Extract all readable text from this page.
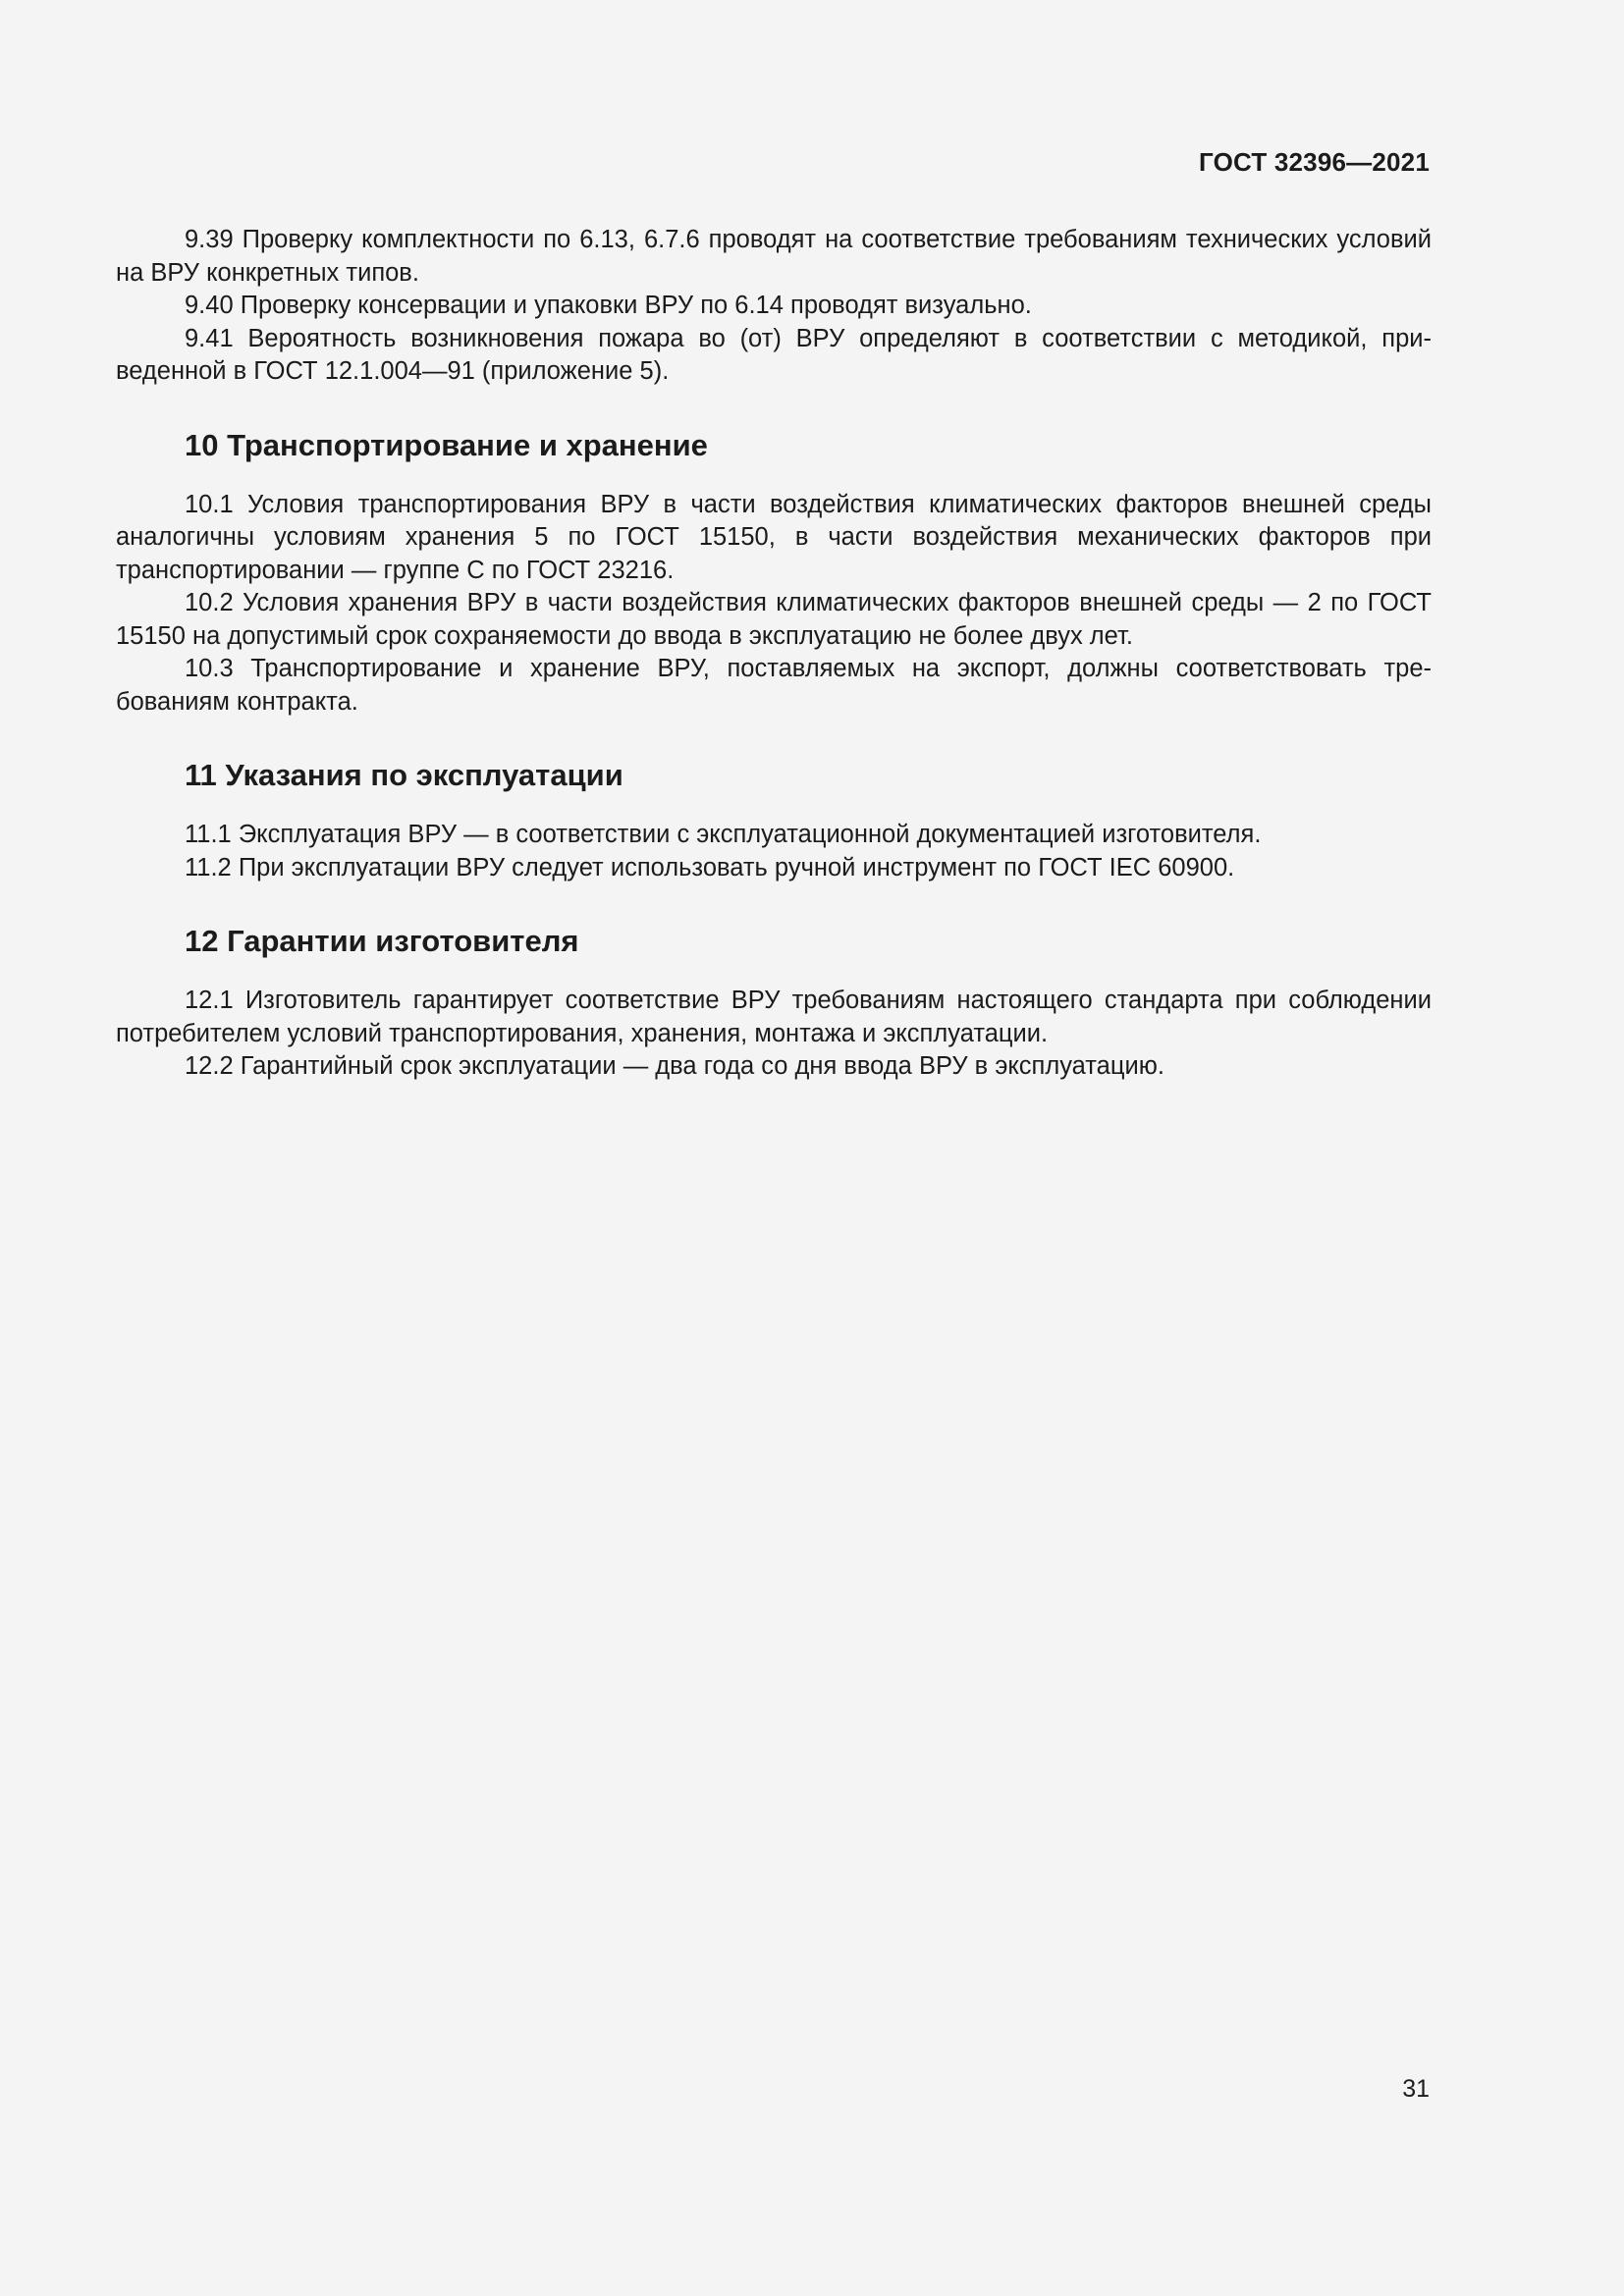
ГОСТ 32396—2021

9.39 Проверку комплектности по 6.13, 6.7.6 проводят на соответствие требованиям технических условий на ВРУ конкретных типов.

9.40 Проверку консервации и упаковки ВРУ по 6.14 проводят визуально.

9.41 Вероятность возникновения пожара во (от) ВРУ определяют в соответствии с методикой, приведенной в ГОСТ 12.1.004—91 (приложение 5).

10 Транспортирование и хранение

10.1 Условия транспортирования ВРУ в части воздействия климатических факторов внешней среды аналогичны условиям хранения 5 по ГОСТ 15150, в части воздействия механических факторов при транспортировании — группе С по ГОСТ 23216.

10.2 Условия хранения ВРУ в части воздействия климатических факторов внешней среды — 2 по ГОСТ 15150 на допустимый срок сохраняемости до ввода в эксплуатацию не более двух лет.

10.3 Транспортирование и хранение ВРУ, поставляемых на экспорт, должны соответствовать требованиям контракта.

11 Указания по эксплуатации

11.1 Эксплуатация ВРУ — в соответствии с эксплуатационной документацией изготовителя.

11.2 При эксплуатации ВРУ следует использовать ручной инструмент по ГОСТ IEC 60900.

12 Гарантии изготовителя

12.1 Изготовитель гарантирует соответствие ВРУ требованиям настоящего стандарта при соблюдении потребителем условий транспортирования, хранения, монтажа и эксплуатации.

12.2 Гарантийный срок эксплуатации — два года со дня ввода ВРУ в эксплуатацию.

31
